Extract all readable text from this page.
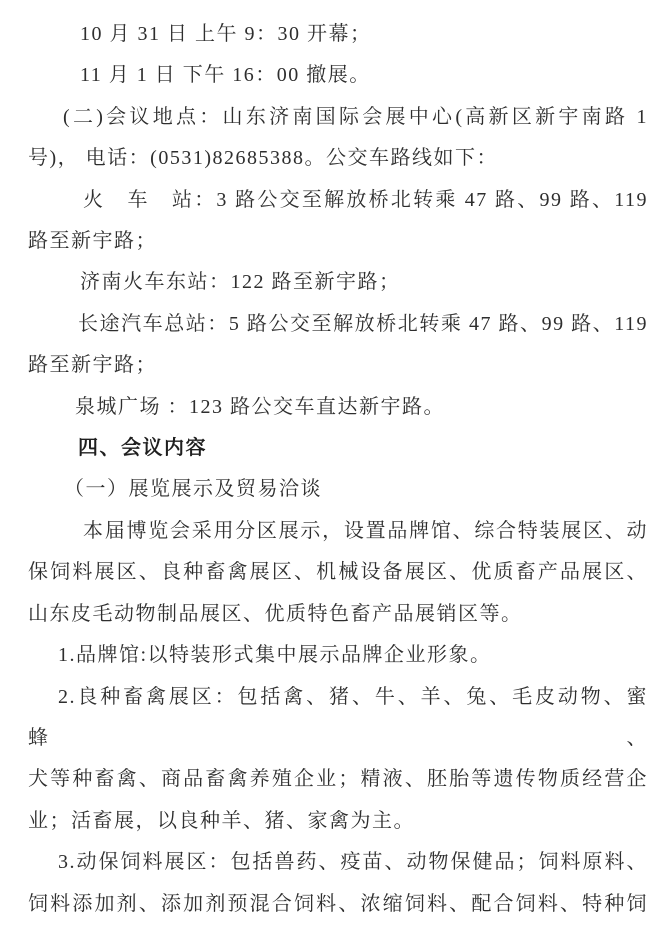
10 月 31 日 上午 9：30 开幕；
11 月 1 日 下午 16：00 撤展。
(二)会议地点：山东济南国际会展中心(高新区新宇南路 1
号)， 电话：(0531)82685388。公交车路线如下：
火　车　站：3 路公交至解放桥北转乘 47 路、99 路、119
路至新宇路；
济南火车东站：122 路至新宇路；
长途汽车总站：5 路公交至解放桥北转乘 47 路、99 路、119
路至新宇路；
泉城广场 ：123 路公交车直达新宇路。
四、会议内容
（一）展览展示及贸易洽谈
本届博览会采用分区展示，设置品牌馆、综合特装展区、动
保饲料展区、良种畜禽展区、机械设备展区、优质畜产品展区、
山东皮毛动物制品展区、优质特色畜产品展销区等。
1.品牌馆:以特装形式集中展示品牌企业形象。
2.良种畜禽展区：包括禽、猪、牛、羊、兔、毛皮动物、蜜蜂、
犬等种畜禽、商品畜禽养殖企业；精液、胚胎等遗传物质经营企
业；活畜展，以良种羊、猪、家禽为主。
3.动保饲料展区：包括兽药、疫苗、动物保健品；饲料原料、
饲料添加剂、添加剂预混合饲料、浓缩饲料、配合饲料、特种饲
